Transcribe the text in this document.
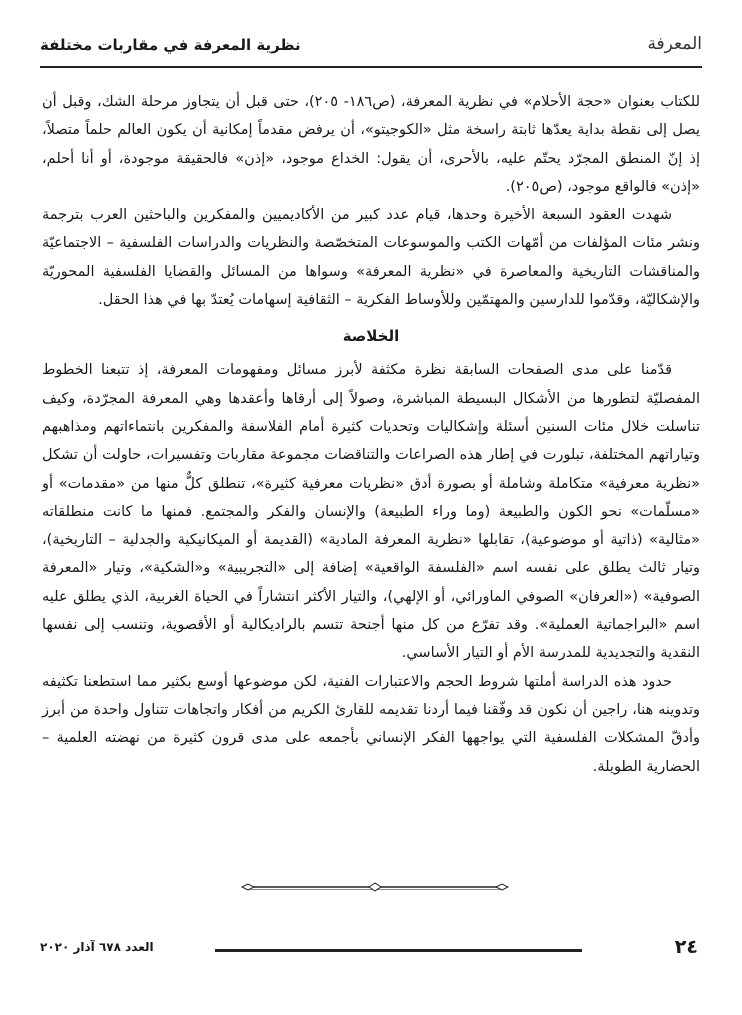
المعرفة
نظرية المعرفة في مقاربات مختلفة

للكتاب بعنوان «حجة الأحلام» في نظرية المعرفة، (ص١٨٦- ٢٠٥)، حتى قبل أن يتجاوز مرحلة الشك، وقبل أن يصل إلى نقطة بداية يعدّها ثابتة راسخة مثل «الكوجيتو»، أن يرفض مقدماً إمكانية أن يكون العالم حلماً متصلاً، إذ إنّ المنطق المجرّد يحتّم عليه، بالأحرى، أن يقول: الخداع موجود، «إذن» فالحقيقة موجودة، أو أنا أحلم، «إذن» فالواقع موجود، (ص٢٠٥).

شهدت العقود السبعة الأخيرة وحدها، قيام عدد كبير من الأكاديميين والمفكرين والباحثين العرب بترجمة ونشر مئات المؤلفات من أمّهات الكتب والموسوعات المتخصّصة والنظريات والدراسات الفلسفية – الاجتماعيّة والمناقشات التاريخية والمعاصرة في «نظرية المعرفة» وسواها من المسائل والقضايا الفلسفية المحوريّة والإشكاليّة، وقدّموا للدارسين والمهتمّين وللأوساط الفكرية – الثقافية إسهامات يُعتدّ بها في هذا الحقل.

الخلاصة

قدّمنا على مدى الصفحات السابقة نظرة مكثفة لأبرز مسائل ومفهومات المعرفة، إذ تتبعنا الخطوط المفصليّة لتطورها من الأشكال البسيطة المباشرة، وصولاً إلى أرقاها وأعقدها وهي المعرفة المجرّدة، وكيف تناسلت خلال مئات السنين أسئلة وإشكاليات وتحديات كثيرة أمام الفلاسفة والمفكرين بانتماءاتهم ومذاهبهم وتياراتهم المختلفة، تبلورت في إطار هذه الصراعات والتناقضات مجموعة مقاربات وتفسيرات، حاولت أن تشكل «نظرية معرفية» متكاملة وشاملة أو بصورة أدق «نظريات معرفية كثيرة»، تنطلق كلٌّ منها من «مقدمات» أو «مسلّمات» نحو الكون والطبيعة (وما وراء الطبيعة) والإنسان والفكر والمجتمع. فمنها ما كانت منطلقاته «مثالية» (ذاتية أو موضوعية)، تقابلها «نظرية المعرفة المادية» (القديمة أو الميكانيكية والجدلية – التاريخية)، وتيار ثالث يطلق على نفسه اسم «الفلسفة الواقعية» إضافة إلى «التجريبية» و«الشكية»، وتيار «المعرفة الصوفية» («العرفان» الصوفي الماورائي، أو الإلهي)، والتيار الأكثر انتشاراً في الحياة الغربية، الذي يطلق عليه اسم «البراجماتية العملية». وقد تفرّع من كل منها أجنحة تتسم بالراديكالية أو الأقصوية، وتنسب إلى نفسها النقدية والتجديدية للمدرسة الأم أو التيار الأساسي.

حدود هذه الدراسة أملتها شروط الحجم والاعتبارات الفنية، لكن موضوعها أوسع بكثير مما استطعنا تكثيفه وتدوينه هنا، راجين أن نكون قد وفّقنا فيما أردنا تقديمه للقارئ الكريم من أفكار واتجاهات تتناول واحدة من أبرز وأدقّ المشكلات الفلسفية التي يواجهها الفكر الإنساني بأجمعه على مدى قرون كثيرة من نهضته العلمية – الحضارية الطويلة.

٢٤
العدد ٦٧٨ آذار ٢٠٢٠
